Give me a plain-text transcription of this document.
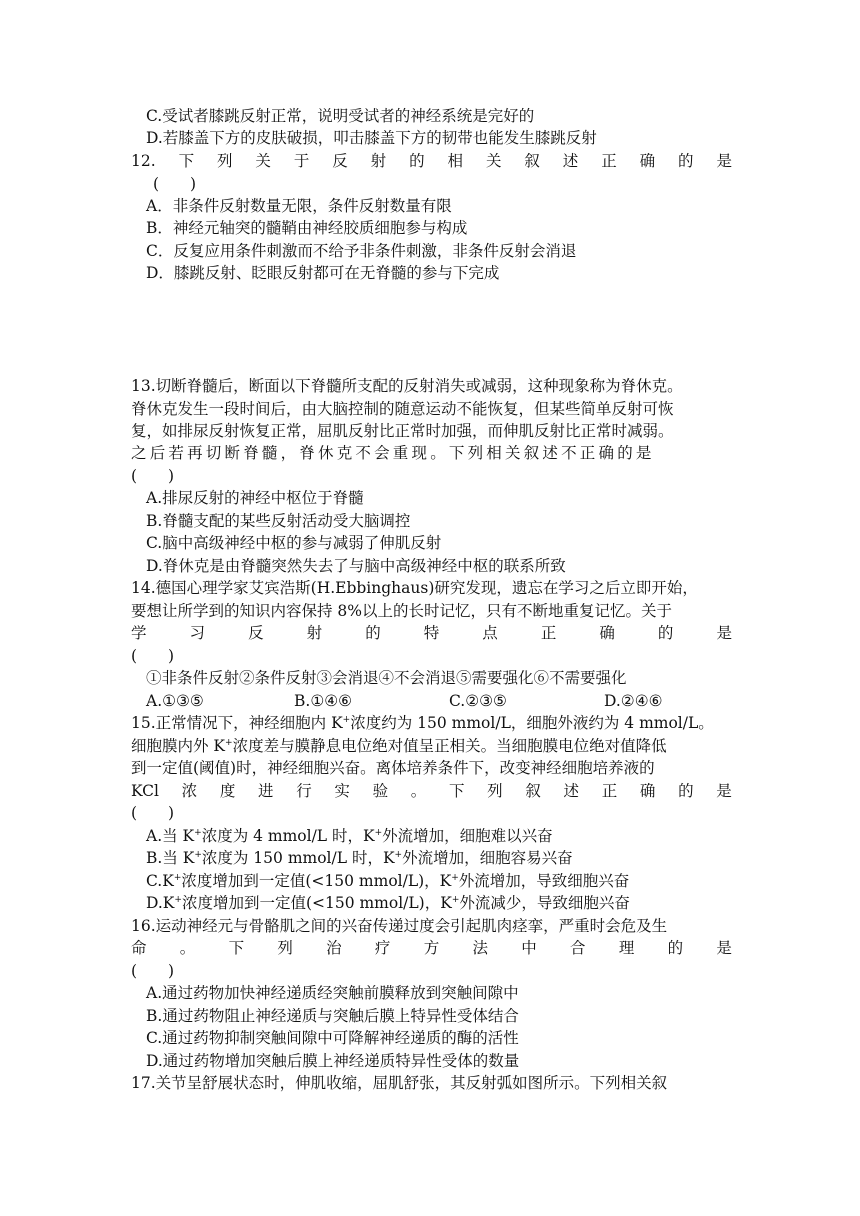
C.受试者膝跳反射正常，说明受试者的神经系统是完好的
D.若膝盖下方的皮肤破损，叩击膝盖下方的韧带也能发生膝跳反射
12. 下 列 关 于 反 射 的 相 关 叙 述 正 确 的 是
(　　)
A．非条件反射数量无限，条件反射数量有限
B．神经元轴突的髓鞘由神经胶质细胞参与构成
C．反复应用条件刺激而不给予非条件刺激，非条件反射会消退
D．膝跳反射、眨眼反射都可在无脊髓的参与下完成
13.切断脊髓后，断面以下脊髓所支配的反射消失或减弱，这种现象称为脊休克。
脊休克发生一段时间后，由大脑控制的随意运动不能恢复，但某些简单反射可恢
复，如排尿反射恢复正常，屈肌反射比正常时加强，而伸肌反射比正常时减弱。
之后若再切断脊髓，脊休克不会重现。下列相关叙述不正确的是
(　　)
A.排尿反射的神经中枢位于脊髓
B.脊髓支配的某些反射活动受大脑调控
C.脑中高级神经中枢的参与减弱了伸肌反射
D.脊休克是由脊髓突然失去了与脑中高级神经中枢的联系所致
14.德国心理学家艾宾浩斯(H.Ebbinghaus)研究发现，遗忘在学习之后立即开始，
要想让所学到的知识内容保持 8%以上的长时记忆，只有不断地重复记忆。关于
学	习	反	射	的	特	点	正	确	的	是
(　　)
①非条件反射②条件反射③会消退④不会消退⑤需要强化⑥不需要强化
A.①③⑤	B.①④⑥	C.②③⑤	D.②④⑥
15.正常情况下，神经细胞内 K+浓度约为 150 mmol/L，细胞外液约为 4 mmol/L。
细胞膜内外 K+浓度差与膜静息电位绝对值呈正相关。当细胞膜电位绝对值降低
到一定值(阈值)时，神经细胞兴奋。离体培养条件下，改变神经细胞培养液的
KCl 浓 度 进 行 实 验 。 下 列 叙 述 正 确 的 是
(　　)
A.当 K+浓度为 4 mmol/L 时，K+外流增加，细胞难以兴奋
B.当 K+浓度为 150 mmol/L 时，K+外流增加，细胞容易兴奋
C.K+浓度增加到一定值(<150 mmol/L)，K+外流增加，导致细胞兴奋
D.K+浓度增加到一定值(<150 mmol/L)，K+外流减少，导致细胞兴奋
16.运动神经元与骨骼肌之间的兴奋传递过度会引起肌肉痉挛，严重时会危及生
命 。 下 列 治 疗 方 法 中 合 理 的 是
(　　)
A.通过药物加快神经递质经突触前膜释放到突触间隙中
B.通过药物阻止神经递质与突触后膜上特异性受体结合
C.通过药物抑制突触间隙中可降解神经递质的酶的活性
D.通过药物增加突触后膜上神经递质特异性受体的数量
17.关节呈舒展状态时，伸肌收缩，屈肌舒张，其反射弧如图所示。下列相关叙
